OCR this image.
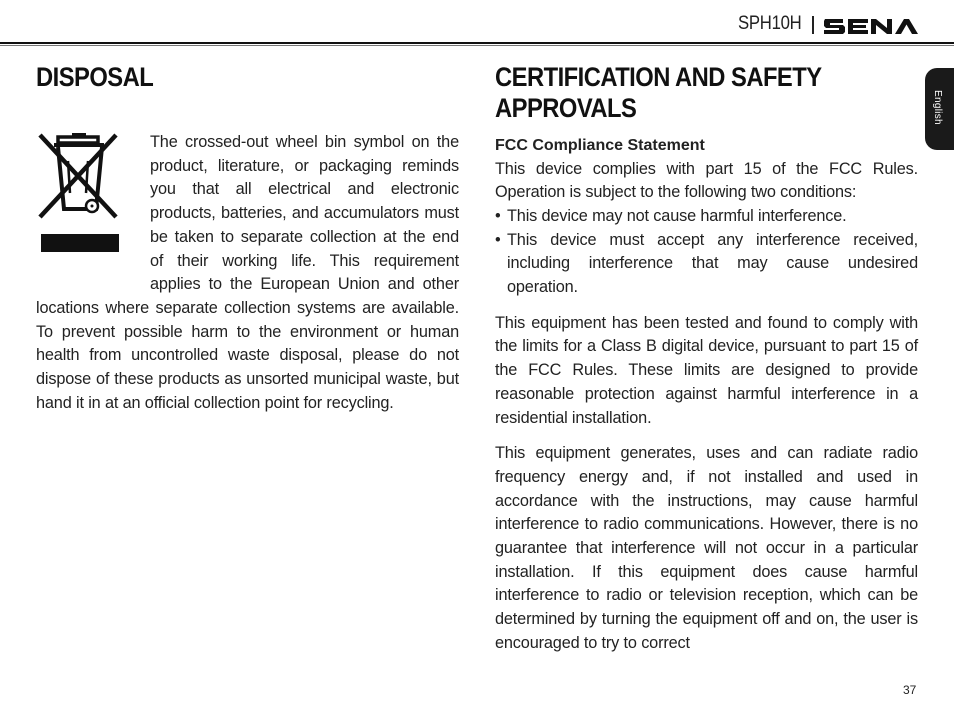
SPH10H
English
DISPOSAL

The crossed-out wheel bin symbol on the product, literature, or packaging reminds you that all electrical and electronic products, batteries, and accumulators must be taken to separate collection at the end of their working life. This requirement applies to the European Union and other locations where separate collection systems are available. To prevent possible harm to the environment or human health from uncontrolled waste disposal, please do not dispose of these products as unsorted municipal waste, but hand it in at an official collection point for recycling.

CERTIFICATION AND SAFETY
APPROVALS
FCC Compliance Statement

This device complies with part 15 of the FCC Rules. Operation is subject to the following two conditions:

• This device may not cause harmful interference.
• This device must accept any interference received, including interference that may cause undesired operation.

This equipment has been tested and found to comply with the limits for a Class B digital device, pursuant to part 15 of the FCC Rules. These limits are designed to provide reasonable protection against harmful interference in a residential installation.

This equipment generates, uses and can radiate radio frequency energy and, if not installed and used in accordance with the instructions, may cause harmful interference to radio communications. However, there is no guarantee that interference will not occur in a particular installation. If this equipment does cause harmful interference to radio or television reception, which can be determined by turning the equipment off and on, the user is encouraged to try to correct

37
